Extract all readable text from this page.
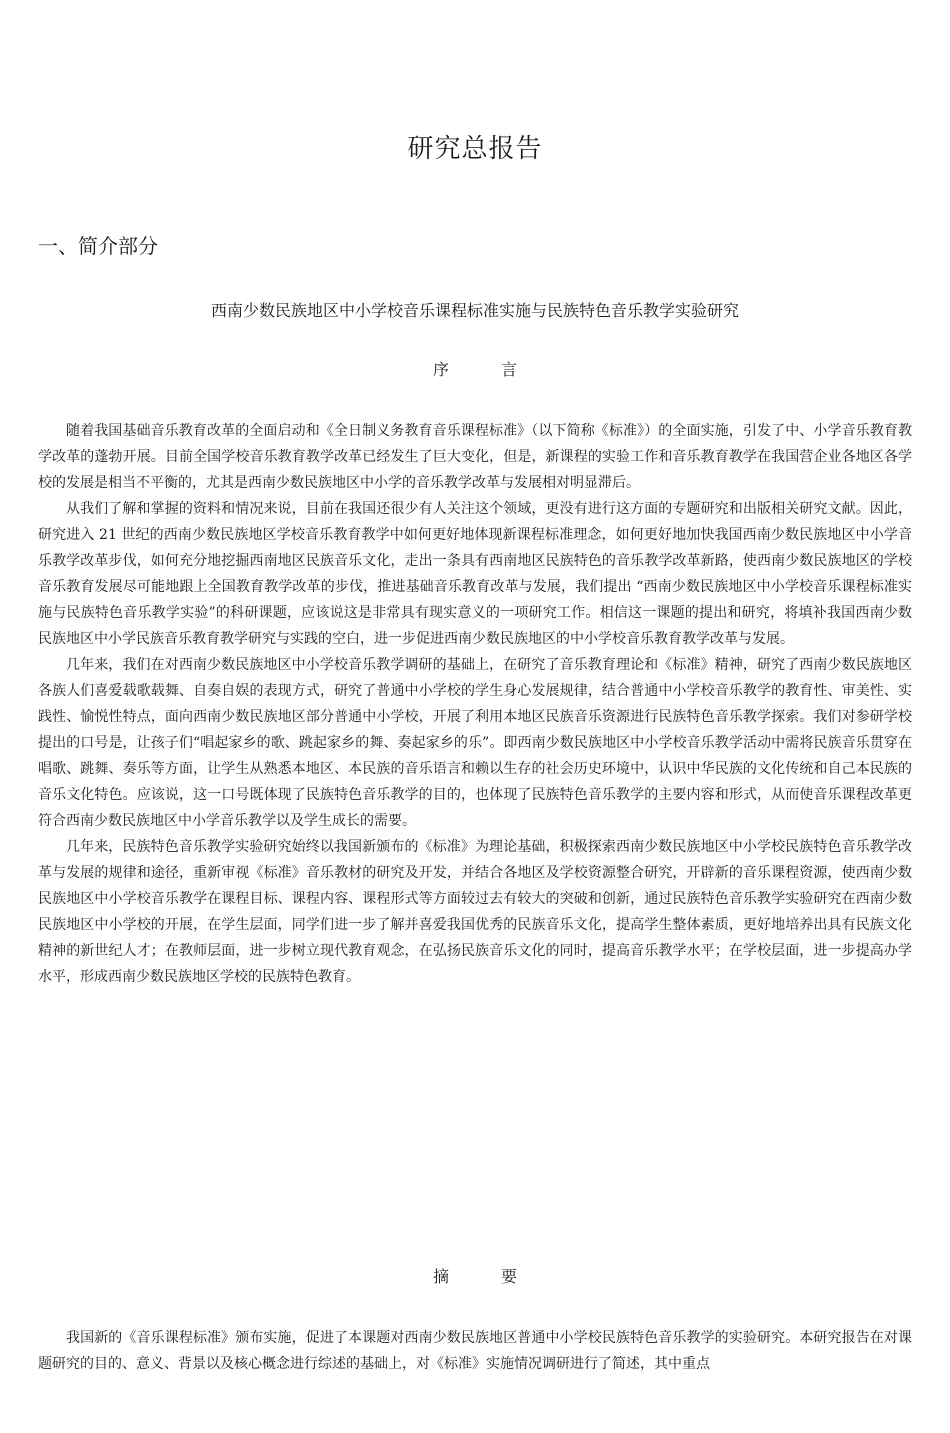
研究总报告
一、简介部分
西南少数民族地区中小学校音乐课程标准实施与民族特色音乐教学实验研究
序　言

随着我国基础音乐教育改革的全面启动和《全日制义务教育音乐课程标准》（以下简称《标准》）的全面实施，引发了中、小学音乐教育教学改革的蓬勃开展。目前全国学校音乐教育教学改革已经发生了巨大变化，但是，新课程的实验工作和音乐教育教学在我国营企业各地区各学校的发展是相当不平衡的，尤其是西南少数民族地区中小学的音乐教学改革与发展相对明显滞后。

从我们了解和掌握的资料和情况来说，目前在我国还很少有人关注这个领域，更没有进行这方面的专题研究和出版相关研究文献。因此，研究进入 21 世纪的西南少数民族地区学校音乐教育教学中如何更好地体现新课程标准理念，如何更好地加快我国西南少数民族地区中小学音乐教学改革步伐，如何充分地挖掘西南地区民族音乐文化，走出一条具有西南地区民族特色的音乐教学改革新路，使西南少数民族地区的学校音乐教育发展尽可能地跟上全国教育教学改革的步伐，推进基础音乐教育改革与发展，我们提出 “西南少数民族地区中小学校音乐课程标准实施与民族特色音乐教学实验”的科研课题，应该说这是非常具有现实意义的一项研究工作。相信这一课题的提出和研究，将填补我国西南少数民族地区中小学民族音乐教育教学研究与实践的空白，进一步促进西南少数民族地区的中小学校音乐教育教学改革与发展。

几年来，我们在对西南少数民族地区中小学校音乐教学调研的基础上，在研究了音乐教育理论和《标准》精神，研究了西南少数民族地区各族人们喜爱载歌载舞、自奏自娱的表现方式，研究了普通中小学校的学生身心发展规律，结合普通中小学校音乐教学的教育性、审美性、实践性、愉悦性特点，面向西南少数民族地区部分普通中小学校，开展了利用本地区民族音乐资源进行民族特色音乐教学探索。我们对参研学校提出的口号是，让孩子们“唱起家乡的歌、跳起家乡的舞、奏起家乡的乐”。即西南少数民族地区中小学校音乐教学活动中需将民族音乐贯穿在唱歌、跳舞、奏乐等方面，让学生从熟悉本地区、本民族的音乐语言和赖以生存的社会历史环境中，认识中华民族的文化传统和自己本民族的音乐文化特色。应该说，这一口号既体现了民族特色音乐教学的目的，也体现了民族特色音乐教学的主要内容和形式，从而使音乐课程改革更符合西南少数民族地区中小学音乐教学以及学生成长的需要。

几年来，民族特色音乐教学实验研究始终以我国新颁布的《标准》为理论基础，积极探索西南少数民族地区中小学校民族特色音乐教学改革与发展的规律和途径，重新审视《标准》音乐教材的研究及开发，并结合各地区及学校资源整合研究，开辟新的音乐课程资源，使西南少数民族地区中小学校音乐教学在课程目标、课程内容、课程形式等方面较过去有较大的突破和创新，通过民族特色音乐教学实验研究在西南少数民族地区中小学校的开展，在学生层面，同学们进一步了解并喜爱我国优秀的民族音乐文化，提高学生整体素质，更好地培养出具有民族文化精神的新世纪人才；在教师层面，进一步树立现代教育观念，在弘扬民族音乐文化的同时，提高音乐教学水平；在学校层面，进一步提高办学水平，形成西南少数民族地区学校的民族特色教育。

摘　要

我国新的《音乐课程标准》颁布实施，促进了本课题对西南少数民族地区普通中小学校民族特色音乐教学的实验研究。本研究报告在对课题研究的目的、意义、背景以及核心概念进行综述的基础上，对《标准》实施情况调研进行了简述，其中重点
